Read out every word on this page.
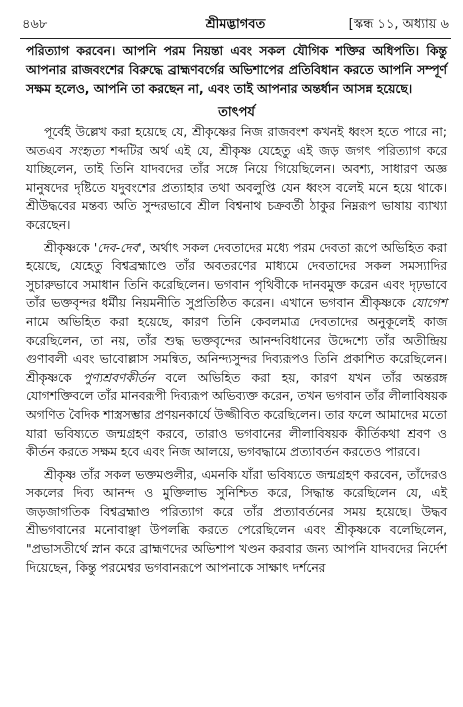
৪৬৮	শ্রীমদ্ভাগবত	[স্কন্ধ ১১, অধ্যায় ৬

পরিত্যাগ করবেন। আপনি পরম নিয়ন্তা এবং সকল যৌগিক শক্তির অধিপতি। কিন্তু আপনার রাজবংশের বিরুদ্ধে ব্রাহ্মণবর্গের অভিশাপের প্রতিবিধান করতে আপনি সম্পূর্ণ সক্ষম হলেও, আপনি তা করছেন না, এবং তাই আপনার অন্তর্ধান আসন্ন হয়েছে।

তাৎপর্য

পূর্বেই উল্লেখ করা হয়েছে যে, শ্রীকৃষ্ণের নিজ রাজবংশ কখনই ধ্বংস হতে পারে না; অতএব সংহৃত্য শব্দটির অর্থ এই যে, শ্রীকৃষ্ণ যেহেতু এই জড় জগৎ পরিত্যাগ করে যাচ্ছিলেন, তাই তিনি যাদবদের তাঁর সঙ্গে নিয়ে গিয়েছিলেন। অবশ্য, সাধারণ অজ্ঞ মানুষদের দৃষ্টিতে যদুবংশের প্রত্যাহার তথা অবলুপ্তি যেন ধ্বংস বলেই মনে হয়ে থাকে। শ্রীউদ্ধবের মন্তব্য অতি সুন্দরভাবে শ্রীল বিশ্বনাথ চক্রবর্তী ঠাকুর নিম্নরূপ ভাষায় ব্যাখ্যা করেছেন।

শ্রীকৃষ্ণকে 'দেব-দেব', অর্থাৎ সকল দেবতাদের মধ্যে পরম দেবতা রূপে অভিহিত করা হয়েছে, যেহেতু বিশ্বব্রহ্মাণ্ডে তাঁর অবতরণের মাধ্যমে দেবতাদের সকল সমস্যাদির সুচারুভাবে সমাধান তিনি করেছিলেন। ভগবান পৃথিবীকে দানবমুক্ত করেন এবং দৃঢ়ভাবে তাঁর ভক্তবৃন্দর ধর্মীয় নিয়মনীতি সুপ্রতিষ্ঠিত করেন। এখানে ভগবান শ্রীকৃষ্ণকে যোগেশ নামে অভিহিত করা হয়েছে, কারণ তিনি কেবলমাত্র দেবতাদের অনুকূলেই কাজ করেছিলেন, তা নয়, তাঁর শুদ্ধ ভক্তবৃন্দের আনন্দবিধানের উদ্দেশ্যে তাঁর অতীন্দ্রিয় গুণাবলী এবং ভাবোল্লাস সমন্বিত, অনিন্দ্যসুন্দর দিব্যরূপও তিনি প্রকাশিত করেছিলেন। শ্রীকৃষ্ণকে পুণ্যশ্রবণকীর্তন বলে অভিহিত করা হয়, কারণ যখন তাঁর অন্তরঙ্গ যোগশক্তিবলে তাঁর মানবরূপী দিব্যরূপ অভিব্যক্ত করেন, তখন ভগবান তাঁর লীলাবিষয়ক অগণিত বৈদিক শাস্ত্রসম্ভার প্রণয়নকার্যে উজ্জীবিত করেছিলেন। তার ফলে আমাদের মতো যারা ভবিষ্যতে জন্মগ্রহণ করবে, তারাও ভগবানের লীলাবিষয়ক কীর্তিকথা শ্রবণ ও কীর্তন করতে সক্ষম হবে এবং নিজ আলয়ে, ভগবদ্ধামে প্রত্যাবর্তন করতেও পারবে।

শ্রীকৃষ্ণ তাঁর সকল ভক্তমণ্ডলীর, এমনকি যাঁরা ভবিষ্যতে জন্মগ্রহণ করবেন, তাঁদেরও সকলের দিব্য আনন্দ ও মুক্তিলাভ সুনিশ্চিত করে, সিদ্ধান্ত করেছিলেন যে, এই জড়জাগতিক বিশ্বব্রহ্মাণ্ড পরিত্যাগ করে তাঁর প্রত্যাবর্তনের সময় হয়েছে। উদ্ধব শ্রীভগবানের মনোবাঞ্ছা উপলব্ধি করতে পেরেছিলেন এবং শ্রীকৃষ্ণকে বলেছিলেন, "প্রভাসতীর্থে স্নান করে ব্রাহ্মণদের অভিশাপ খণ্ডন করবার জন্য আপনি যাদবদের নির্দেশ দিয়েছেন, কিন্তু পরমেশ্বর ভগবানরূপে আপনাকে সাক্ষাৎ দর্শনের
